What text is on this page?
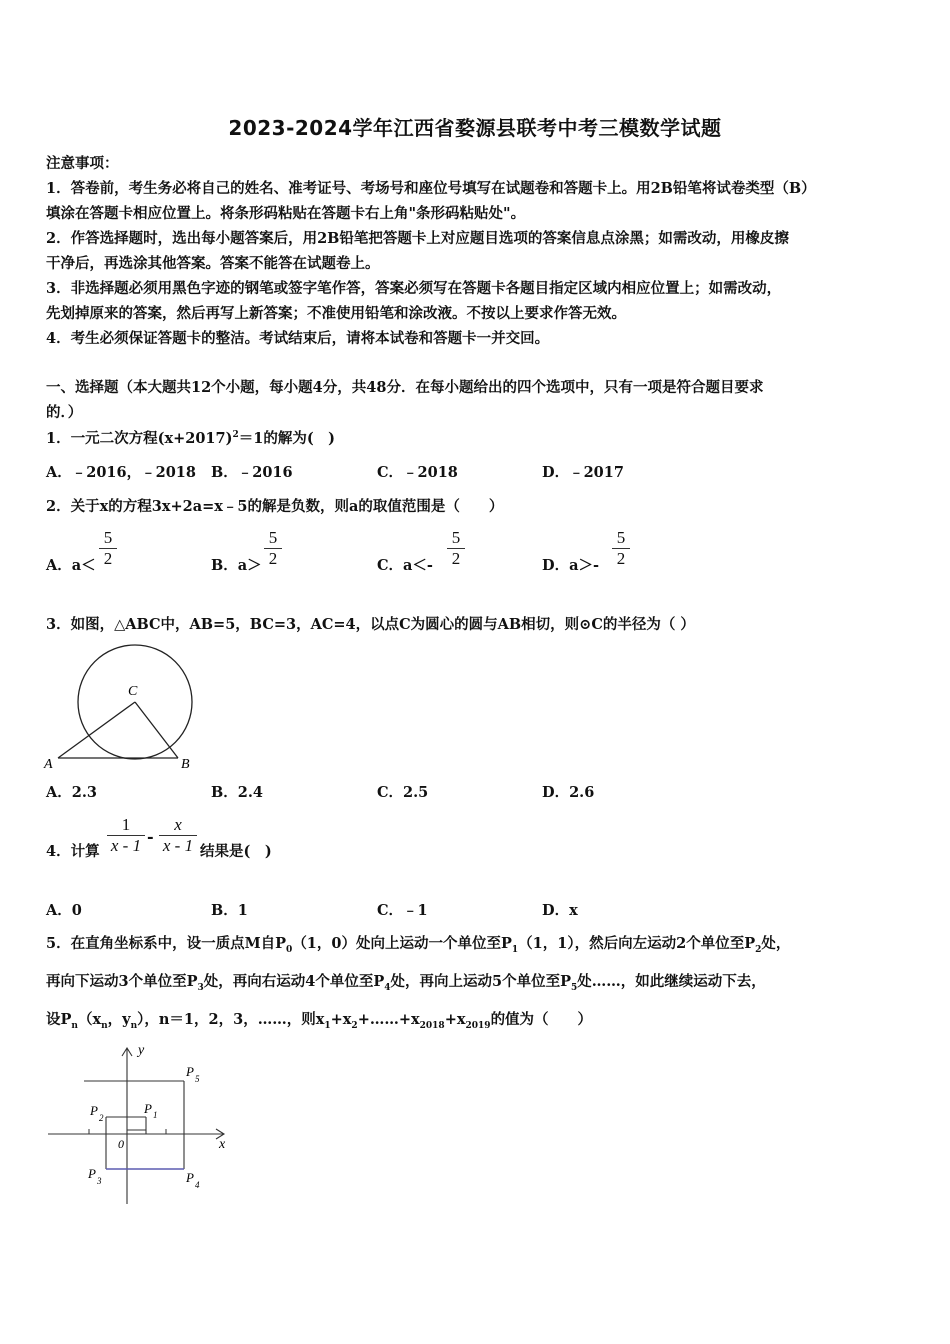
2023-2024学年江西省婺源县联考中考三模数学试题
注意事项：
1．答卷前，考生务必将自己的姓名、准考证号、考场号和座位号填写在试题卷和答题卡上。用2B铅笔将试卷类型（B）
填涂在答题卡相应位置上。将条形码粘贴在答题卡右上角"条形码粘贴处"。
2．作答选择题时，选出每小题答案后，用2B铅笔把答题卡上对应题目选项的答案信息点涂黑；如需改动，用橡皮擦
干净后，再选涂其他答案。答案不能答在试题卷上。
3．非选择题必须用黑色字迹的钢笔或签字笔作答，答案必须写在答题卡各题目指定区域内相应位置上；如需改动，
先划掉原来的答案，然后再写上新答案；不准使用铅笔和涂改液。不按以上要求作答无效。
4．考生必须保证答题卡的整洁。考试结束后，请将本试卷和答题卡一并交回。
一、选择题（本大题共12个小题，每小题4分，共48分．在每小题给出的四个选项中，只有一项是符合题目要求
的．）
1．一元二次方程$(x+2017)^2=1$的解为(　)
A．﹣2016，﹣2018 B．﹣2016	C．﹣2018	D．﹣2017
2．关于x的方程3x+2a=x﹣5的解是负数，则a的取值范围是（　　）
A．a＜
5
2	B．a＞
5
2	C．a＜-
5
2	D．a＞-
5
2
3．如图，△ABC中，AB=5，BC=3，AC=4，以点C为圆心的圆与AB相切，则⊙C的半径为（ ）
C
A	B
A．2.3	B．2.4	C．2.5	D．2.6
4．计算
1
x - 1 -
x
x - 1 结果是(　)
A．0	B．1	C．﹣1	D．x
5．在直角坐标系中，设一质点M自$P_0(1$，0）处向上运动一个单位至$P_1(1$，1），然后向左运动2个单位至$P_2$处，
再向下运动3个单位至$P_3$处，再向右运动4个单位至$P_4$处，再向上运动5个单位至$P_5$处……，如此继续运动下去，
设$P_n(x_n$，$y_n$），n＝1，2，3，……，则$x_1+x_2+\dots\dots+x_{2018}+x_{2019}$的值为（　　）
y
x
0
P 5
P 1
P 2
P 3	P 4
